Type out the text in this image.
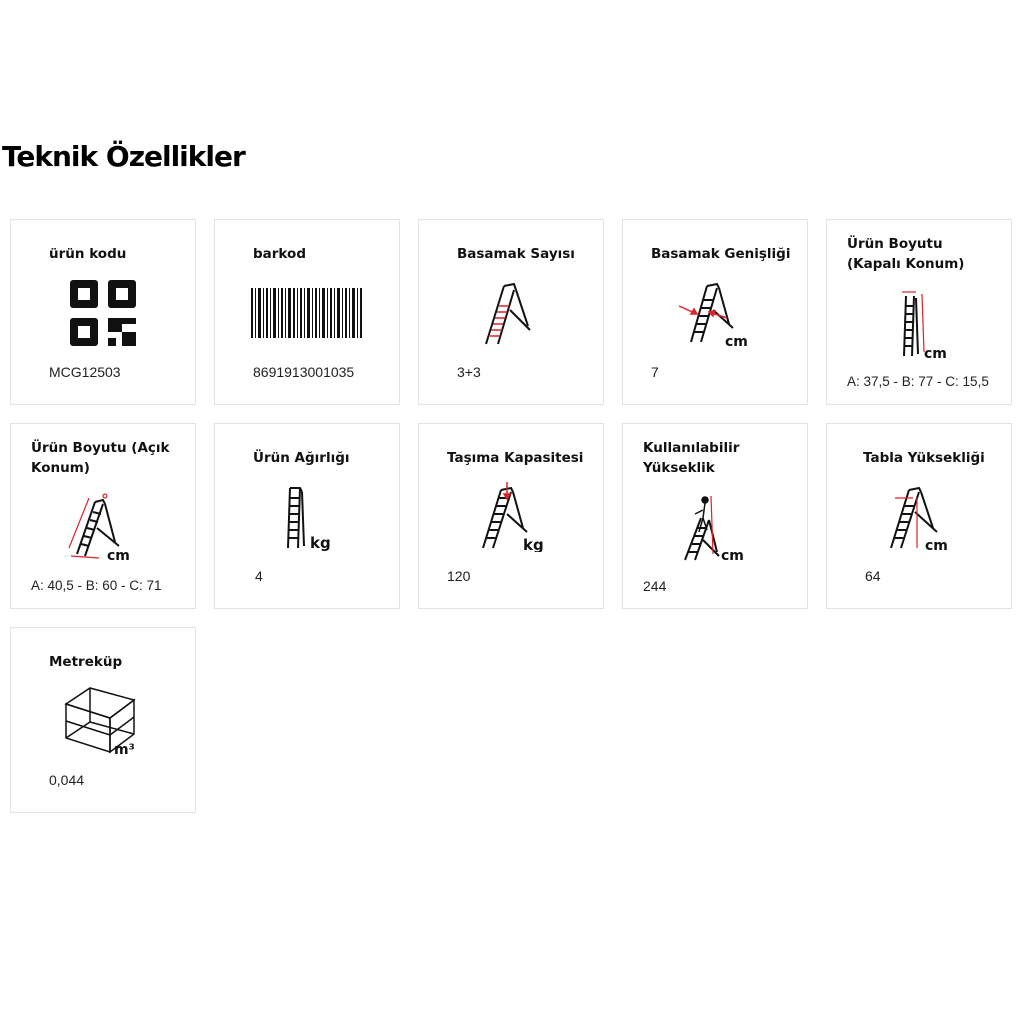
Teknik Özellikler
ürün kodu
MCG12503
barkod
8691913001035
Basamak Sayısı
3+3
Basamak Genişliği
cm
7
Ürün Boyutu (Kapalı Konum)
cm
A: 37,5 - B: 77 - C: 15,5
Ürün Boyutu (Açık Konum)
cm
A: 40,5 - B: 60 - C: 71
Ürün Ağırlığı
kg
4
Taşıma Kapasitesi
kg
120
Kullanılabilir Yükseklik
cm
244
Tabla Yüksekliği
cm
64
Metreküp
m³
0,044
